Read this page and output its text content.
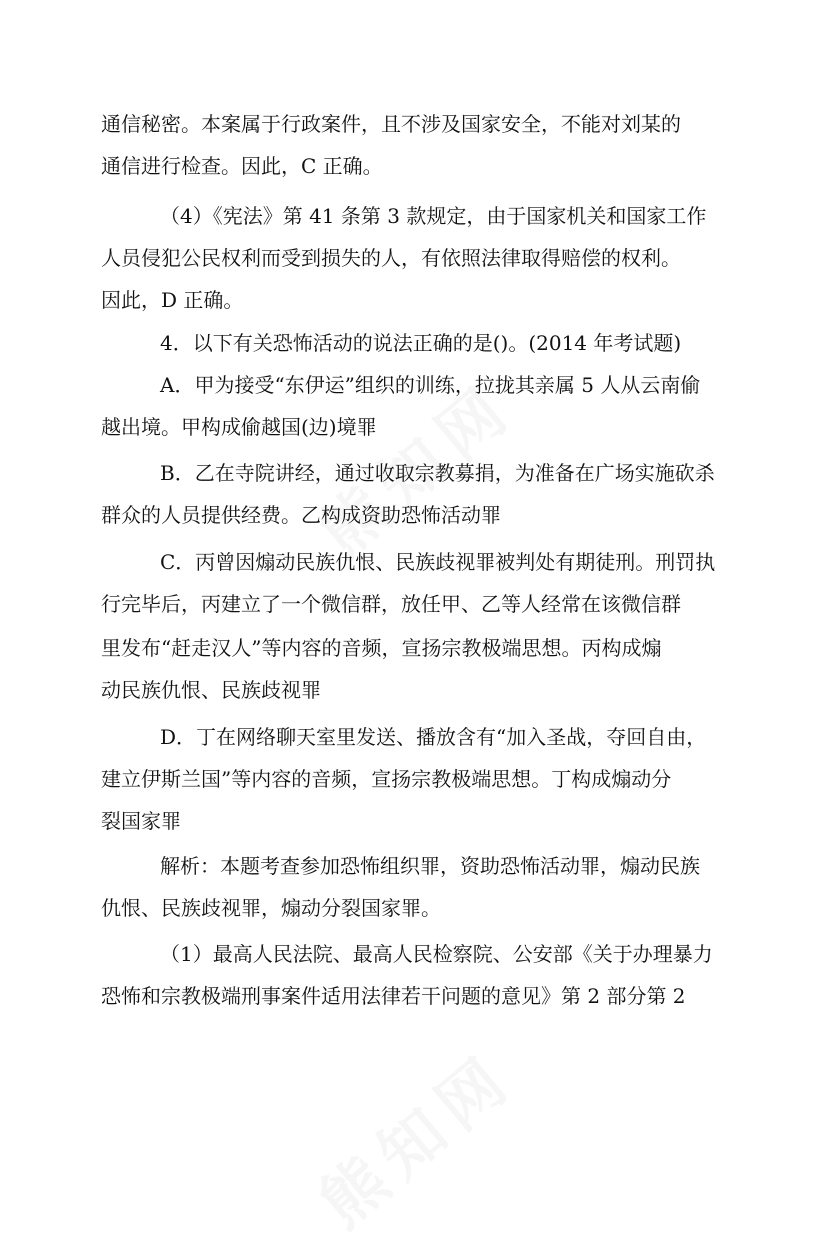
通信秘密。本案属于行政案件，且不涉及国家安全，不能对刘某的
通信进行检查。因此，C 正确。
（4）《宪法》第 41 条第 3 款规定，由于国家机关和国家工作
人员侵犯公民权利而受到损失的人，有依照法律取得赔偿的权利。
因此，D 正确。
4．以下有关恐怖活动的说法正确的是()。(2014 年考试题)
A．甲为接受“东伊运”组织的训练，拉拢其亲属 5 人从云南偷
越出境。甲构成偷越国(边)境罪
B．乙在寺院讲经，通过收取宗教募捐，为准备在广场实施砍杀
群众的人员提供经费。乙构成资助恐怖活动罪
C．丙曾因煽动民族仇恨、民族歧视罪被判处有期徒刑。刑罚执
行完毕后，丙建立了一个微信群，放任甲、乙等人经常在该微信群
里发布“赶走汉人”等内容的音频，宣扬宗教极端思想。丙构成煽
动民族仇恨、民族歧视罪
D．丁在网络聊天室里发送、播放含有“加入圣战，夺回自由，
建立伊斯兰国”等内容的音频，宣扬宗教极端思想。丁构成煽动分
裂国家罪
解析：本题考查参加恐怖组织罪，资助恐怖活动罪，煽动民族
仇恨、民族歧视罪，煽动分裂国家罪。
（1）最高人民法院、最高人民检察院、公安部《关于办理暴力
恐怖和宗教极端刑事案件适用法律若干问题的意见》第 2 部分第 2
